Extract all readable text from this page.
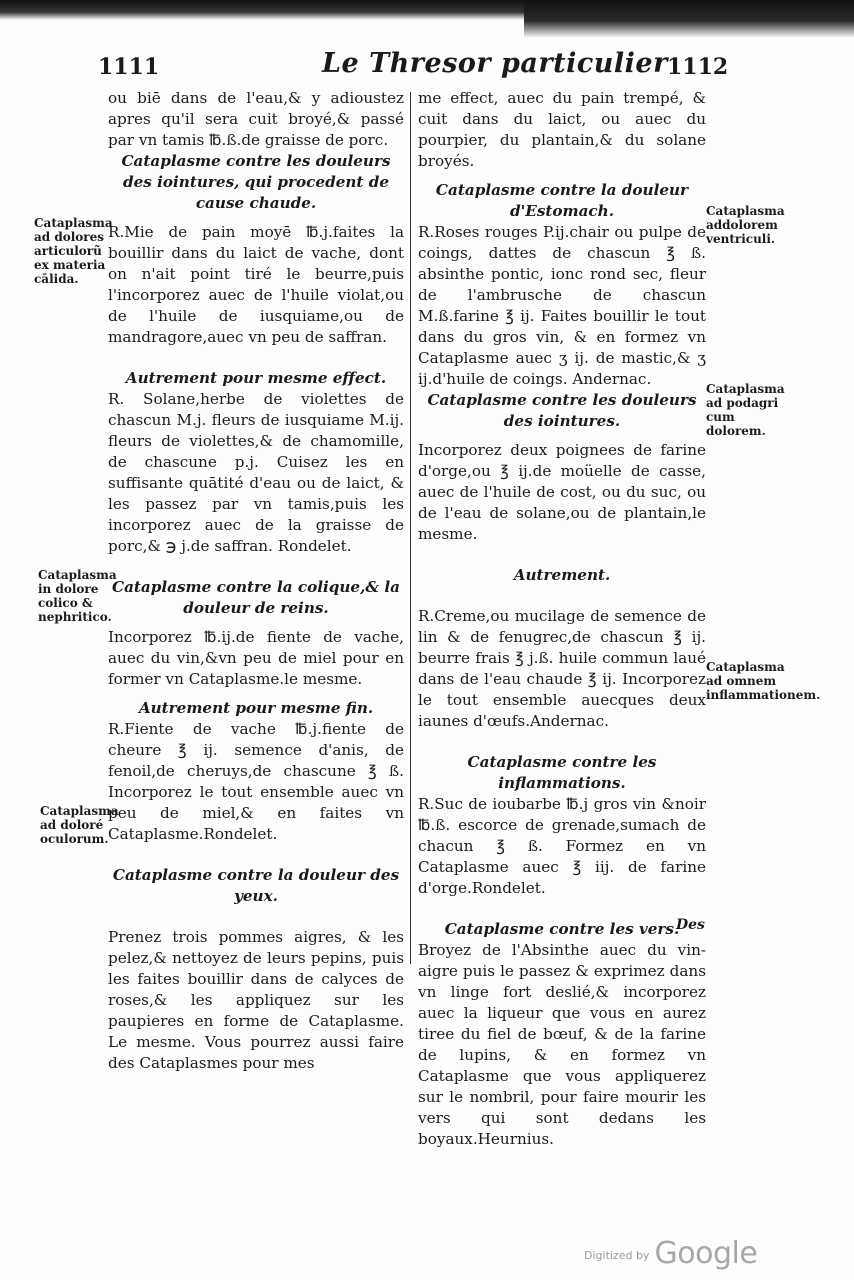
1111	Le Thresor particulier 1112

ou biē dans de l'eau,& y adioustez apres qu'il sera cuit broyé,& passé par vn tamis ℔.ß.de graisse de porc.

Cataplasme contre les douleurs des iointures, qui procedent de cause chaude.

R.Mie de pain moyē ℔.j.faites la bouillir dans du laict de vache, dont on n'ait point tiré le beurre,puis l'incorporez auec de l'huile violat,ou de l'huile de iusquiame,ou de mandragore,auec vn peu de saffran.

Autrement pour mesme effect.

R. Solane,herbe de violettes de chascun M.j. fleurs de iusquiame M.ij. fleurs de violettes,& de chamomille, de chascune p.j. Cuisez les en suffisante quātité d'eau ou de laict, & les passez par vn tamis,puis les incorporez auec de la graisse de porc,& ℈ j.de saffran. Rondelet.

Cataplasme contre la colique,& la douleur de reins.

Incorporez ℔.ij.de fiente de vache, auec du vin,&vn peu de miel pour en former vn Cataplasme.le mesme.

Autrement pour mesme fin.

R.Fiente de vache ℔.j.fiente de cheure ℥ ij. semence d'anis, de fenoil,de cheruys,de chascune ℥ ß. Incorporez le tout ensemble auec vn peu de miel,& en faites vn Cataplasme.Rondelet.

Cataplasme contre la douleur des yeux.

Prenez trois pommes aigres, & les pelez,& nettoyez de leurs pepins, puis les faites bouillir dans de calyces de roses,& les appliquez sur les paupieres en forme de Cataplasme. Le mesme. Vous pourrez aussi faire des Cataplasmes pour mes

me effect, auec du pain trempé, & cuit dans du laict, ou auec du pourpier, du plantain,& du solane broyés.

Cataplasme contre la douleur d'Estomach.

R.Roses rouges P.ij.chair ou pulpe de coings, dattes de chascun ℥ ß. absinthe pontic, ionc rond sec, fleur de l'ambrusche de chascun M.ß.farine ℥ ij. Faites bouillir le tout dans du gros vin, & en formez vn Cataplasme auec ʒ ij. de mastic,& ʒ ij.d'huile de coings. Andernac.

Cataplasme contre les douleurs des iointures.

Incorporez deux poignees de farine d'orge,ou ℥ ij.de moüelle de casse, auec de l'huile de cost, ou du suc, ou de l'eau de solane,ou de plantain,le mesme.

Autrement.

R.Creme,ou mucilage de semence de lin & de fenugrec,de chascun ℥ ij. beurre frais ℥ j.ß. huile commun laué dans de l'eau chaude ℥ ij. Incorporez le tout ensemble auecques deux iaunes d'œufs.Andernac.

Cataplasme contre les inflammations.

R.Suc de ioubarbe ℔.j gros vin &noir ℔.ß. escorce de grenade,sumach de chacun ℥ ß. Formez en vn Cataplasme auec ℥ iij. de farine d'orge.Rondelet.

Cataplasme contre les vers.

Broyez de l'Absinthe auec du vin-aigre puis le passez & exprimez dans vn linge fort deslié,& incorporez auec la liqueur que vous en aurez tiree du fiel de bœuf, & de la farine de lupins, & en formez vn Cataplasme que vous appliquerez sur le nombril, pour faire mourir les vers qui sont dedans les boyaux.Heurnius.

Cataplasma ad dolores articulorũ ex materia cālida.
Cataplasma in dolore colico & nephritico.
Cataplasma ad doloré oculorum.
Cataplasma addolorem ventriculi.
Cataplasma ad podagri cum dolorem.
Cataplasma ad omnem inflammationem.
Des
Digitized by Google
